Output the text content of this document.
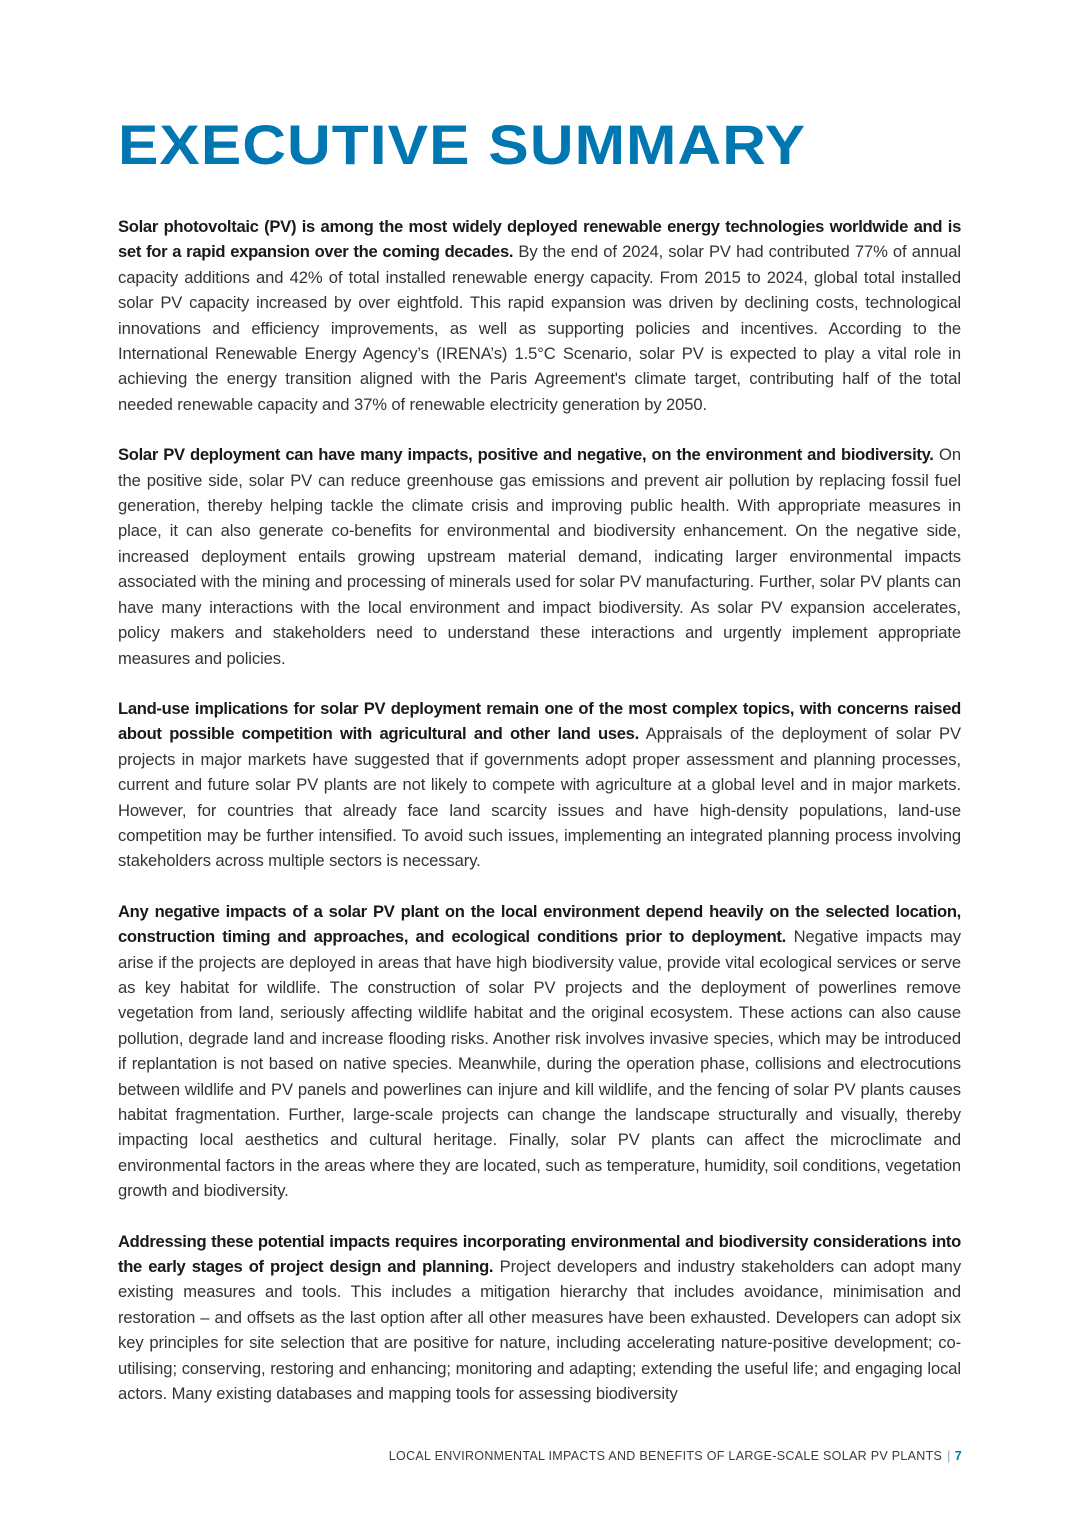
EXECUTIVE SUMMARY

Solar photovoltaic (PV) is among the most widely deployed renewable energy technologies worldwide and is set for a rapid expansion over the coming decades. By the end of 2024, solar PV had contributed 77% of annual capacity additions and 42% of total installed renewable energy capacity. From 2015 to 2024, global total installed solar PV capacity increased by over eightfold. This rapid expansion was driven by declining costs, technological innovations and efficiency improvements, as well as supporting policies and incentives. According to the International Renewable Energy Agency’s (IRENA’s) 1.5°C Scenario, solar PV is expected to play a vital role in achieving the energy transition aligned with the Paris Agreement's climate target, contributing half of the total needed renewable capacity and 37% of renewable electricity generation by 2050.

Solar PV deployment can have many impacts, positive and negative, on the environment and biodiversity. On the positive side, solar PV can reduce greenhouse gas emissions and prevent air pollution by replacing fossil fuel generation, thereby helping tackle the climate crisis and improving public health. With appropriate measures in place, it can also generate co-benefits for environmental and biodiversity enhancement. On the negative side, increased deployment entails growing upstream material demand, indicating larger environmental impacts associated with the mining and processing of minerals used for solar PV manufacturing. Further, solar PV plants can have many interactions with the local environment and impact biodiversity. As solar PV expansion accelerates, policy makers and stakeholders need to understand these interactions and urgently implement appropriate measures and policies.

Land-use implications for solar PV deployment remain one of the most complex topics, with concerns raised about possible competition with agricultural and other land uses. Appraisals of the deployment of solar PV projects in major markets have suggested that if governments adopt proper assessment and planning processes, current and future solar PV plants are not likely to compete with agriculture at a global level and in major markets. However, for countries that already face land scarcity issues and have high-density populations, land-use competition may be further intensified. To avoid such issues, implementing an integrated planning process involving stakeholders across multiple sectors is necessary.

Any negative impacts of a solar PV plant on the local environment depend heavily on the selected location, construction timing and approaches, and ecological conditions prior to deployment. Negative impacts may arise if the projects are deployed in areas that have high biodiversity value, provide vital ecological services or serve as key habitat for wildlife. The construction of solar PV projects and the deployment of powerlines remove vegetation from land, seriously affecting wildlife habitat and the original ecosystem. These actions can also cause pollution, degrade land and increase flooding risks. Another risk involves invasive species, which may be introduced if replantation is not based on native species. Meanwhile, during the operation phase, collisions and electrocutions between wildlife and PV panels and powerlines can injure and kill wildlife, and the fencing of solar PV plants causes habitat fragmentation. Further, large-scale projects can change the landscape structurally and visually, thereby impacting local aesthetics and cultural heritage. Finally, solar PV plants can affect the microclimate and environmental factors in the areas where they are located, such as temperature, humidity, soil conditions, vegetation growth and biodiversity.

Addressing these potential impacts requires incorporating environmental and biodiversity considerations into the early stages of project design and planning. Project developers and industry stakeholders can adopt many existing measures and tools. This includes a mitigation hierarchy that includes avoidance, minimisation and restoration – and offsets as the last option after all other measures have been exhausted. Developers can adopt six key principles for site selection that are positive for nature, including accelerating nature-positive development; co-utilising; conserving, restoring and enhancing; monitoring and adapting; extending the useful life; and engaging local actors. Many existing databases and mapping tools for assessing biodiversity

LOCAL ENVIRONMENTAL IMPACTS AND BENEFITS OF LARGE-SCALE SOLAR PV PLANTS | 7
